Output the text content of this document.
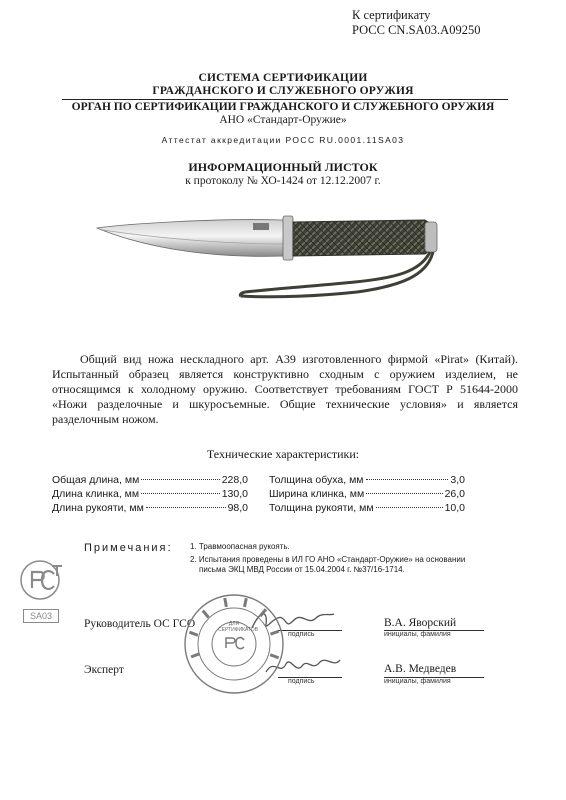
К сертификату
РОСС CN.SA03.A09250
СИСТЕМА СЕРТИФИКАЦИИ
ГРАЖДАНСКОГО И СЛУЖЕБНОГО ОРУЖИЯ
ОРГАН ПО СЕРТИФИКАЦИИ ГРАЖДАНСКОГО И СЛУЖЕБНОГО ОРУЖИЯ
АНО «Стандарт-Оружие»
Аттестат аккредитации РОСС RU.0001.11SA03
ИНФОРМАЦИОННЫЙ ЛИСТОК
к протоколу № ХО-1424 от 12.12.2007 г.
Общий вид ножа нескладного арт. А39 изготовленного фирмой «Pirat» (Китай). Испытанный образец является конструктивно сходным с оружием изделием, не относящимся к холодному оружию. Соответствует требованиям ГОСТ Р 51644-2000 «Ножи разделочные и шкуросъемные. Общие технические условия» и является разделочным ножом.
Технические характеристики:
Общая длина, мм	228,0
Длина клинка, мм	130,0
Длина рукояти, мм	98,0
Толщина обуха, мм	3,0
Ширина клинка, мм	26,0
Толщина рукояти, мм	10,0
Примечания: 1. Травмоопасная рукоять.
2. Испытания проведены в ИЛ ГО АНО «Стандарт-Оружие» на основании
письма ЭКЦ МВД России от 15.04.2004 г. №37/16-1714.
SA03
Руководитель ОС ГСО
подпись
В.А. Яворский
инициалы, фамилия
Эксперт
подпись
А.В. Медведев
инициалы, фамилия
ДЛЯ
СЕРТИФИКАТОВ
